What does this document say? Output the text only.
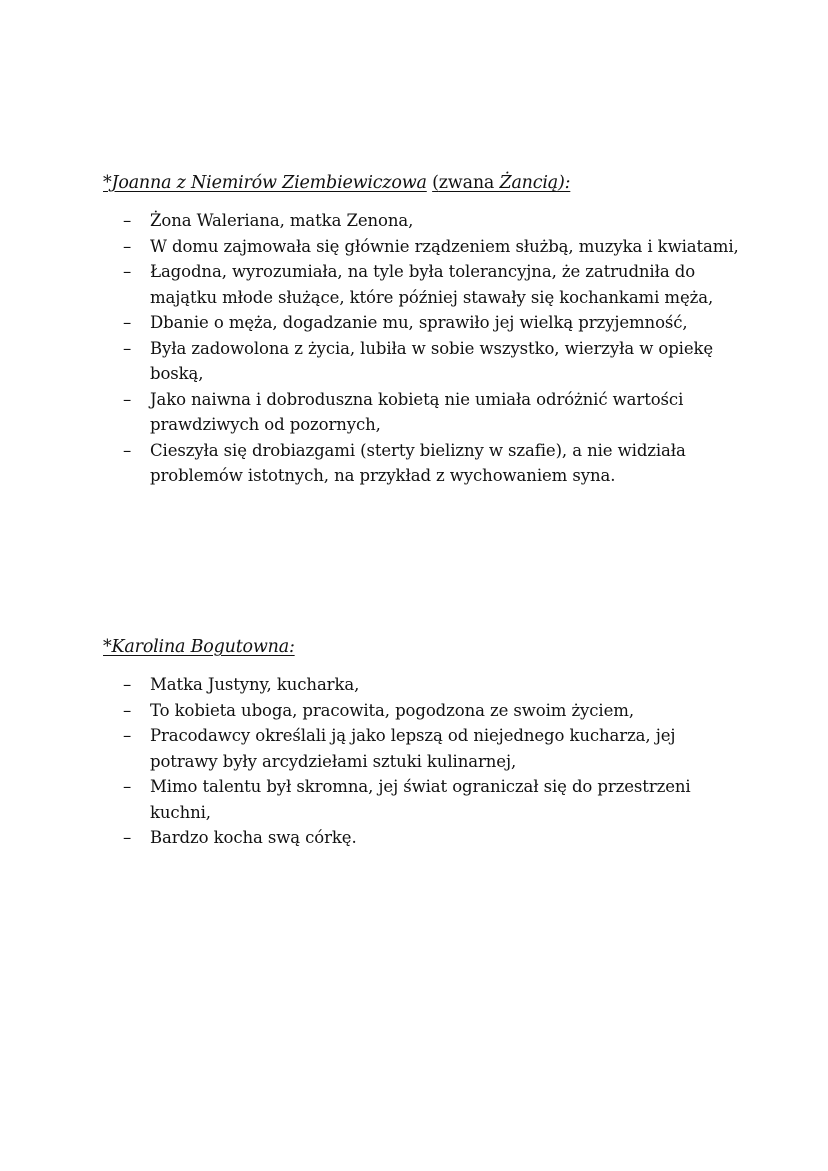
*Joanna z Niemirów Ziembiewiczowa (zwana Żancią):
– Żona Waleriana, matka Zenona,
– W domu zajmowała się głównie rządzeniem służbą, muzyka i kwiatami,
– Łagodna, wyrozumiała, na tyle była tolerancyjna, że zatrudniła do majątku młode służące, które później stawały się kochankami męża,
– Dbanie o męża, dogadzanie mu, sprawiło jej wielką przyjemność,
– Była zadowolona z życia, lubiła w sobie wszystko, wierzyła w opiekę boską,
– Jako naiwna i dobroduszna kobietą nie umiała odróżnić wartości prawdziwych od pozornych,
– Cieszyła się drobiazgami (sterty bielizny w szafie), a nie widziała problemów istotnych, na przykład z wychowaniem syna.
*Karolina Bogutowna:
– Matka Justyny, kucharka,
– To kobieta uboga, pracowita, pogodzona ze swoim życiem,
– Pracodawcy określali ją jako lepszą od niejednego kucharza, jej potrawy były arcydziełami sztuki kulinarnej,
– Mimo talentu był skromna, jej świat ograniczał się do przestrzeni kuchni,
– Bardzo kocha swą córkę.
